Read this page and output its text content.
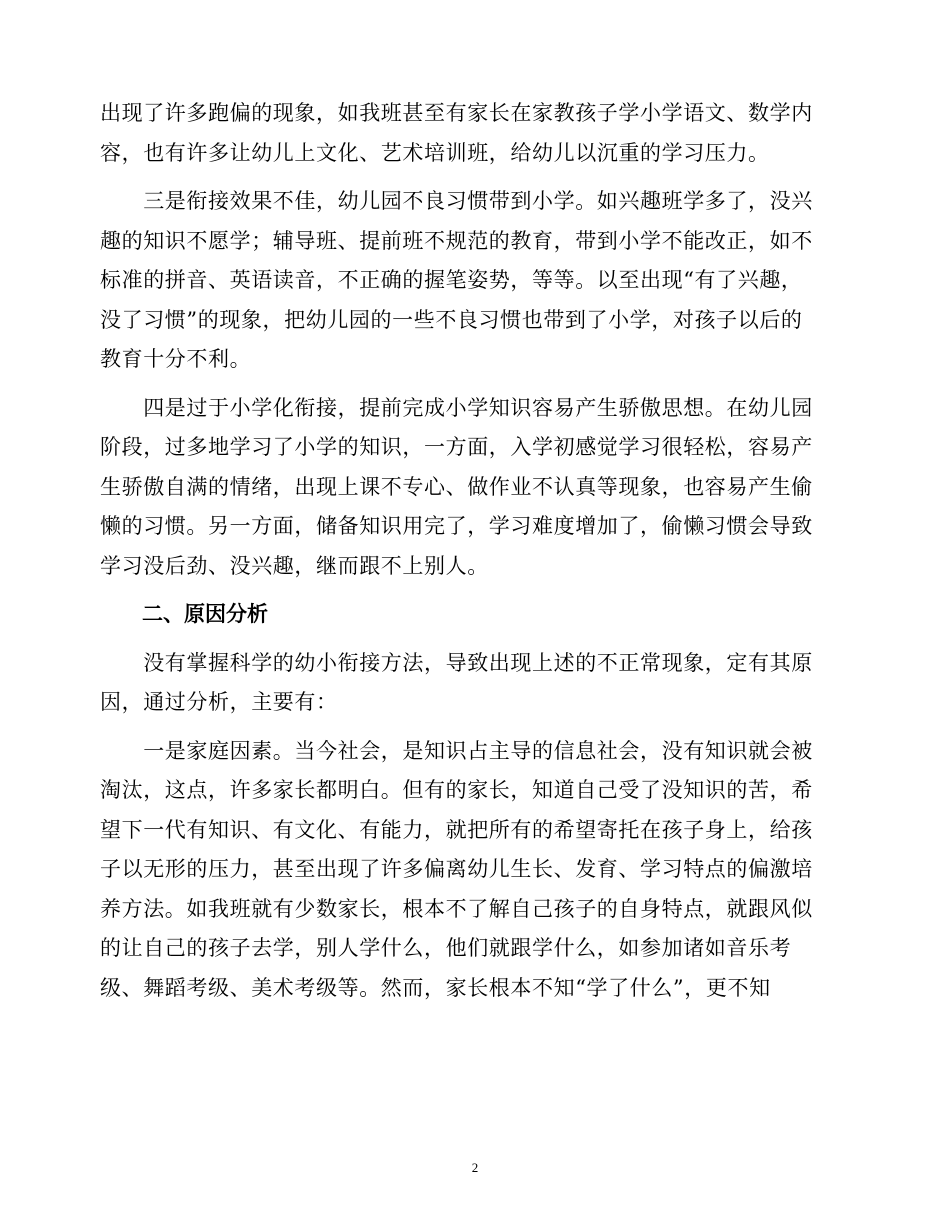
出现了许多跑偏的现象，如我班甚至有家长在家教孩子学小学语文、数学内
容，也有许多让幼儿上文化、艺术培训班，给幼儿以沉重的学习压力。
　　三是衔接效果不佳，幼儿园不良习惯带到小学。如兴趣班学多了，没兴
趣的知识不愿学；辅导班、提前班不规范的教育，带到小学不能改正，如不
标准的拼音、英语读音，不正确的握笔姿势，等等。以至出现“有了兴趣，
没了习惯”的现象，把幼儿园的一些不良习惯也带到了小学，对孩子以后的
教育十分不利。
　　四是过于小学化衔接，提前完成小学知识容易产生骄傲思想。在幼儿园
阶段，过多地学习了小学的知识，一方面，入学初感觉学习很轻松，容易产
生骄傲自满的情绪，出现上课不专心、做作业不认真等现象，也容易产生偷
懒的习惯。另一方面，储备知识用完了，学习难度增加了，偷懒习惯会导致
学习没后劲、没兴趣，继而跟不上别人。
　　二、原因分析
　　没有掌握科学的幼小衔接方法，导致出现上述的不正常现象，定有其原
因，通过分析，主要有：
　　一是家庭因素。当今社会，是知识占主导的信息社会，没有知识就会被
淘汰，这点，许多家长都明白。但有的家长，知道自己受了没知识的苦，希
望下一代有知识、有文化、有能力，就把所有的希望寄托在孩子身上，给孩
子以无形的压力，甚至出现了许多偏离幼儿生长、发育、学习特点的偏激培
养方法。如我班就有少数家长，根本不了解自己孩子的自身特点，就跟风似
的让自己的孩子去学，别人学什么，他们就跟学什么，如参加诸如音乐考
级、舞蹈考级、美术考级等。然而，家长根本不知“学了什么”，更不知
2
